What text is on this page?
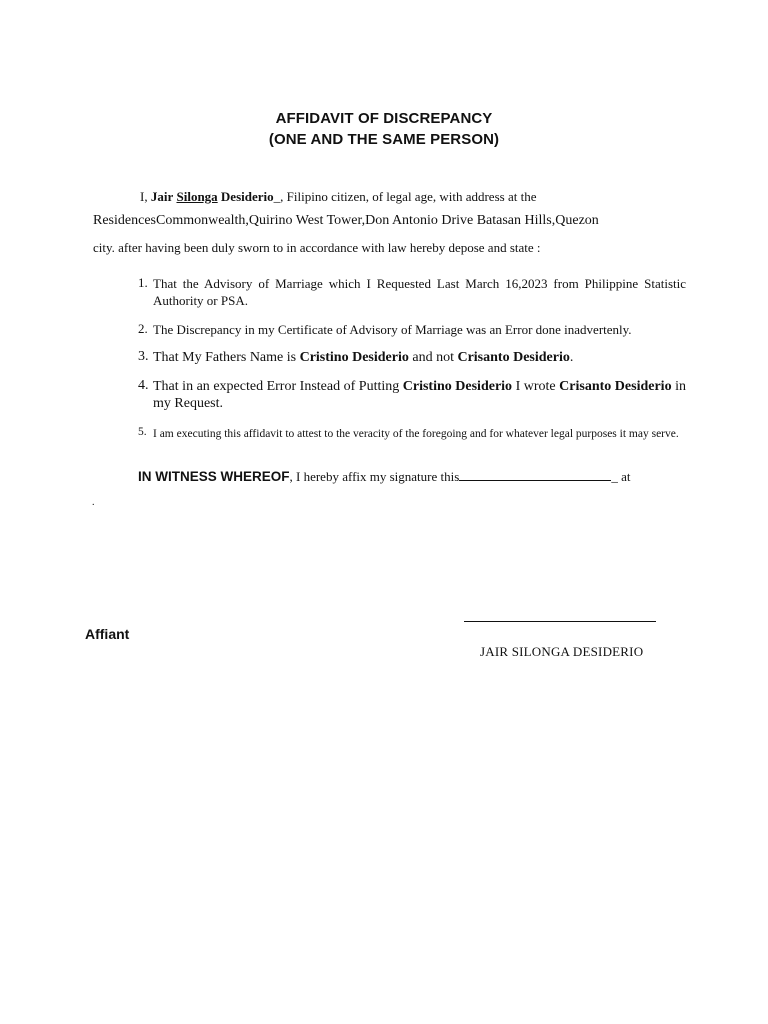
AFFIDAVIT OF DISCREPANCY
(ONE AND THE SAME PERSON)
I, Jair Silonga Desiderio_, Filipino citizen, of legal age, with address at the
ResidencesCommonwealth,Quirino West Tower,Don Antonio Drive Batasan Hills,Quezon
city. after having been duly sworn to in accordance with law hereby depose and state :
1. That the Advisory of Marriage which I Requested Last March 16,2023 from Philippine Statistic Authority or PSA.
2. The Discrepancy in my Certificate of Advisory of Marriage was an Error done inadvertenly.
3. That My Fathers Name is Cristino Desiderio and not Crisanto Desiderio.
4. That in an expected Error Instead of Putting Cristino Desiderio I wrote Crisanto Desiderio in my Request.
5. I am executing this affidavit to attest to the veracity of the foregoing and for whatever legal purposes it may serve.
IN WITNESS WHEREOF, I hereby affix my signature this	_ at
.
Affiant
JAIR SILONGA DESIDERIO
